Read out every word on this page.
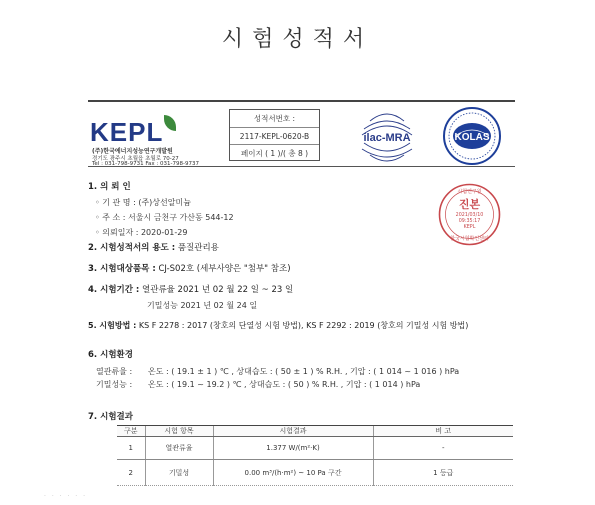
시험성적서
KEPL
(주)한국에너지성능연구개발원
경기도 광주시 초월읍 초월로 70-27
Tel : 031-798-9731 Fax : 031-798-9737
성적서번호 :
2117-KEPL-0620-B
페이지 ( 1 )/( 총 8 )
ilac-MRA	KOLAS
시험연구원
진본
2021/03/10
09:35:17
KEPL
한국시험확인센터
1. 의 뢰 인
◦ 기 관 명 : (주)상선알미늄
◦ 주 소 : 서울시 금천구 가산동 544-12
◦ 의뢰일자 : 2020-01-29
2. 시험성적서의 용도 : 품질관리용
3. 시험대상품목 : CJ-S02호 (세부사양은 "첨부" 참조)
4. 시험기간 : 열관류율 2021 년 02 월 22 일 ~ 23 일
기밀성능 2021 년 02 월 24 일
5. 시험방법 : KS F 2278 : 2017 (창호의 단열성 시험 방법), KS F 2292 : 2019 (창호의 기밀성 시험 방법)
6. 시험환경
열관류율 : 온도 : ( 19.1 ± 1 ) ℃ , 상대습도 : ( 50 ± 1 ) % R.H. , 기압 : ( 1 014 ~ 1 016 ) hPa
기밀성능 : 온도 : ( 19.1 ~ 19.2 ) ℃ , 상대습도 : ( 50 ) % R.H. , 기압 : ( 1 014 ) hPa
7. 시험결과
구분	시험 항목	시험결과	비 고
1	열관류율	1.377 W/(m²·K)	-
2	기밀성	0.00 m³/(h·m²) ~ 10 Pa 구간	1 등급
· · · · · ·
